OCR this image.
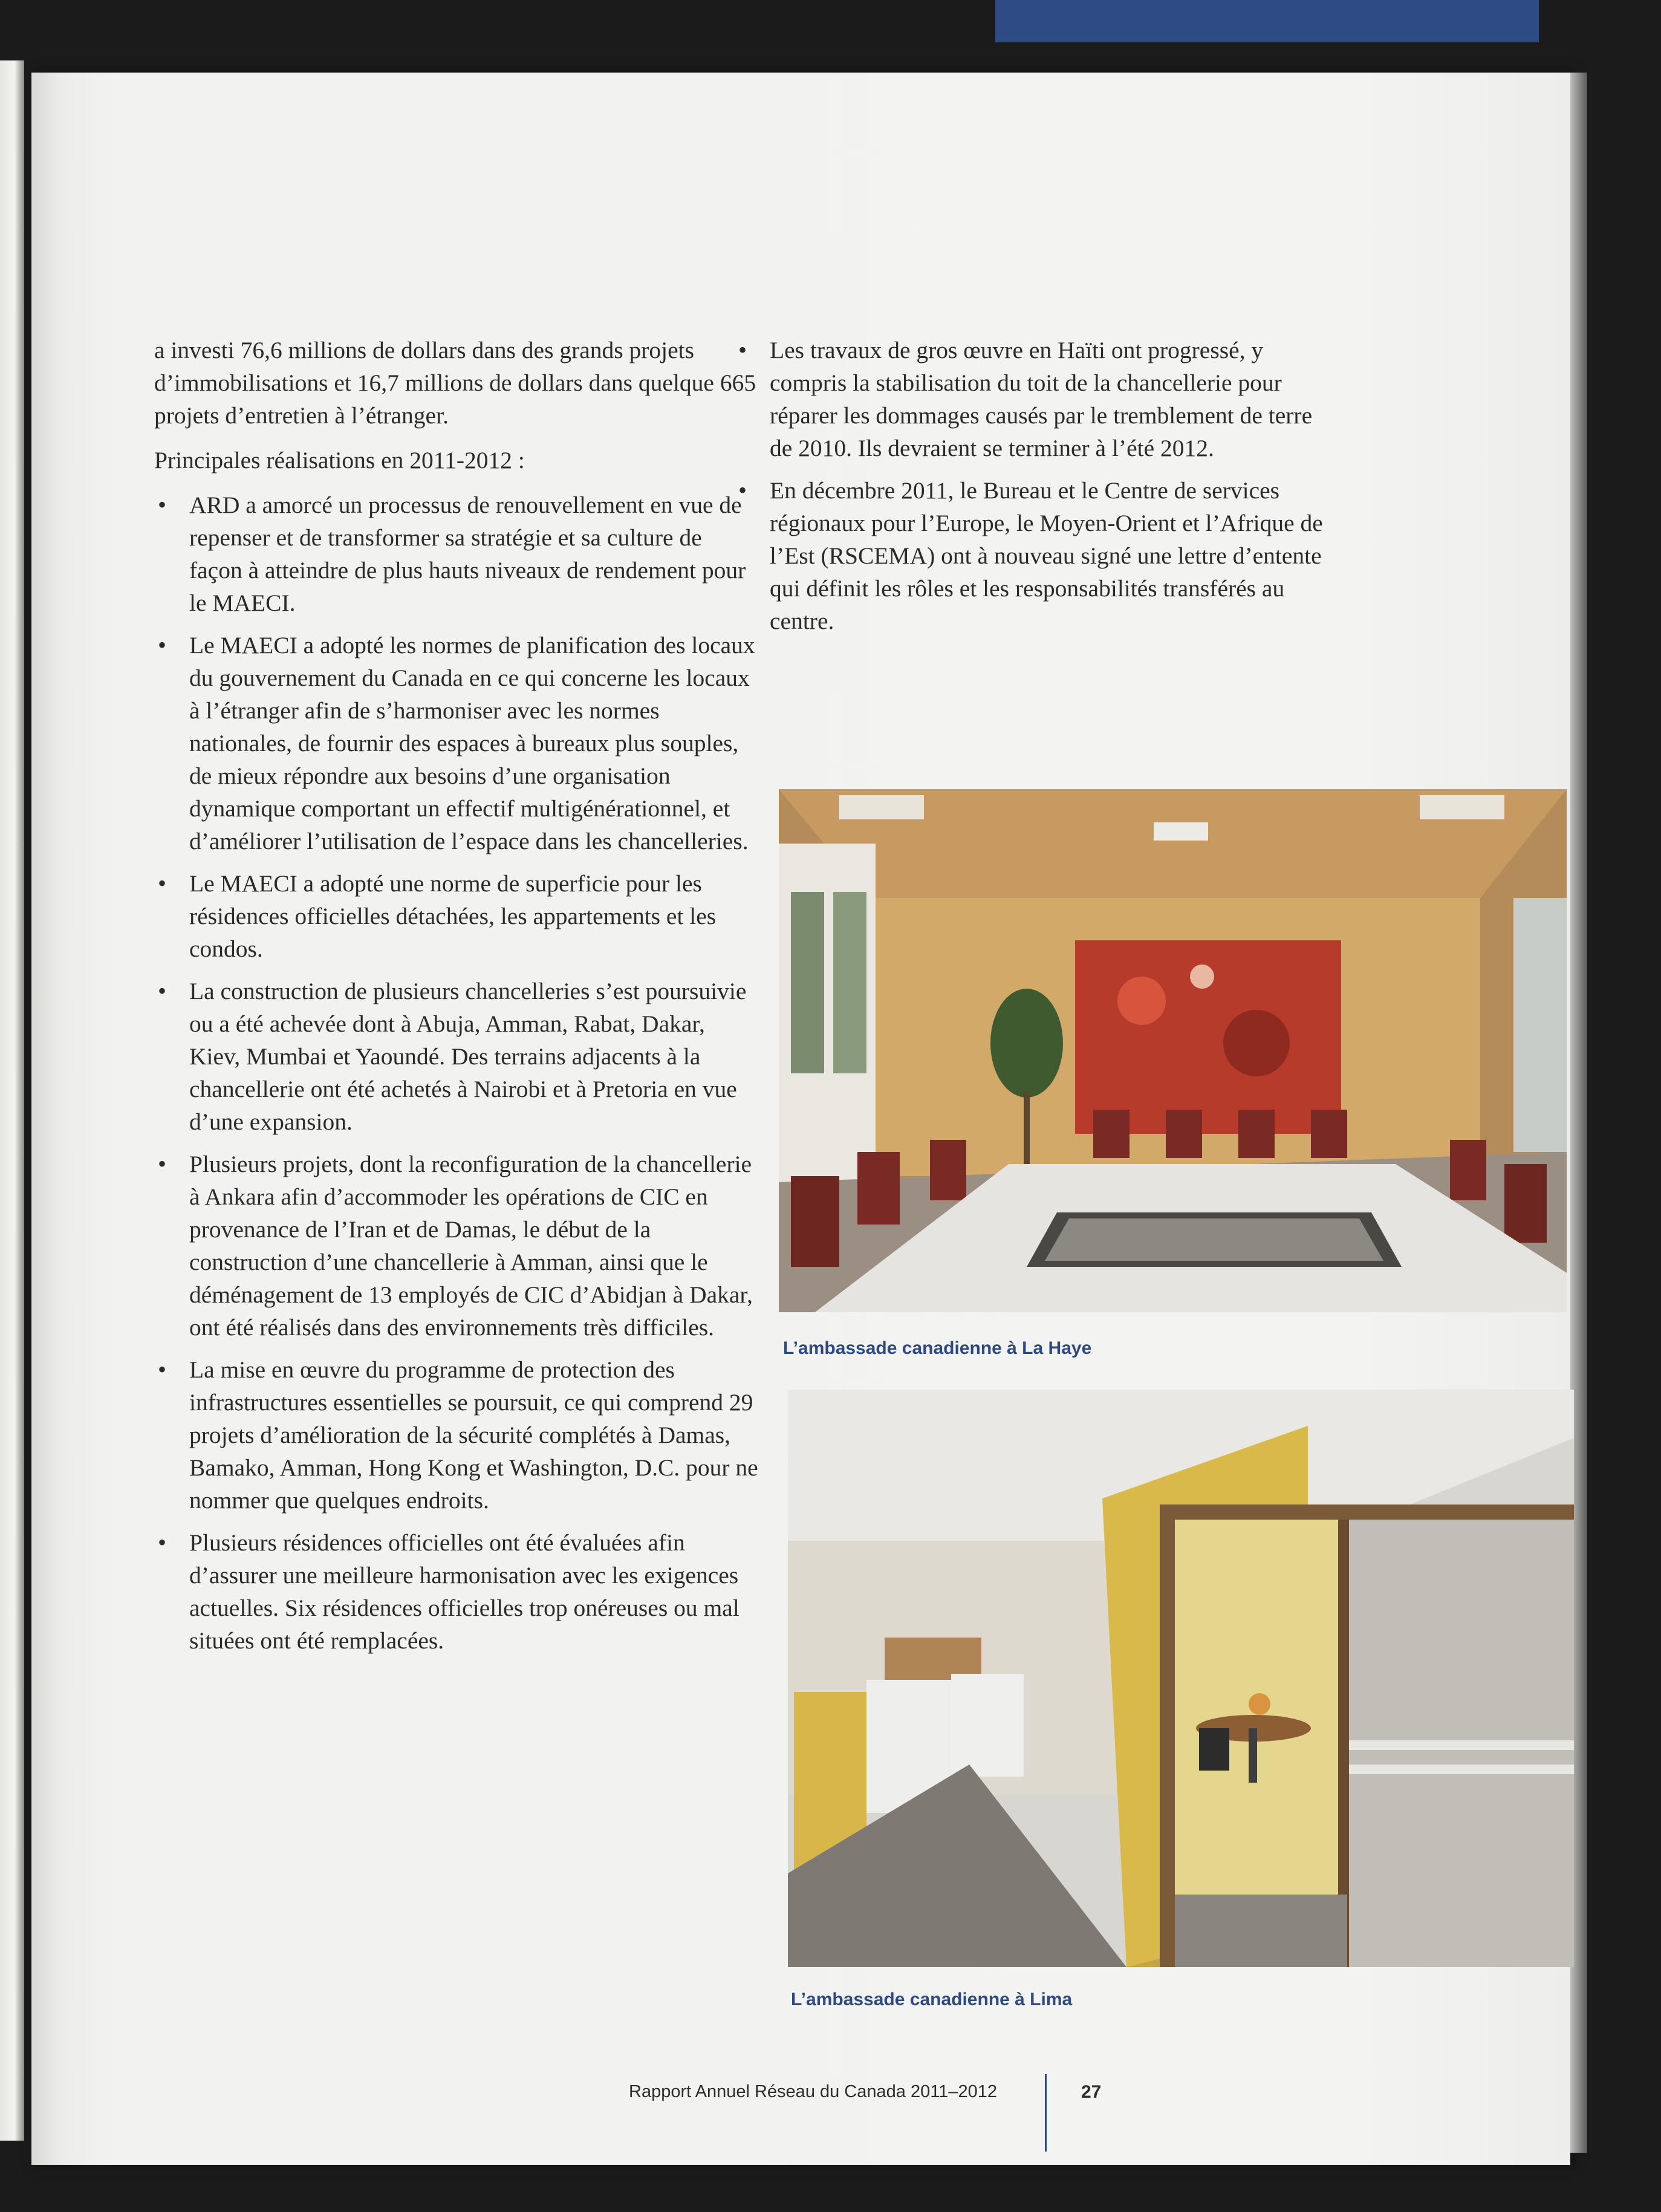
a investi 76,6 millions de dollars dans des grands projets d’immobilisations et 16,7 millions de dollars dans quelque 665 projets d’entretien à l’étranger.

Principales réalisations en 2011-2012 :

• ARD a amorcé un processus de renouvellement en vue de repenser et de transformer sa stratégie et sa culture de façon à atteindre de plus hauts niveaux de rendement pour le MAECI.
• Le MAECI a adopté les normes de planification des locaux du gouvernement du Canada en ce qui concerne les locaux à l’étranger afin de s’harmoniser avec les normes nationales, de fournir des espaces à bureaux plus souples, de mieux répondre aux besoins d’une organisation dynamique comportant un effectif multigénérationnel, et d’améliorer l’utilisation de l’espace dans les chancelleries.
• Le MAECI a adopté une norme de superficie pour les résidences officielles détachées, les appartements et les condos.
• La construction de plusieurs chancelleries s’est poursuivie ou a été achevée dont à Abuja, Amman, Rabat, Dakar, Kiev, Mumbai et Yaoundé. Des terrains adjacents à la chancellerie ont été achetés à Nairobi et à Pretoria en vue d’une expansion.
• Plusieurs projets, dont la reconfiguration de la chancellerie à Ankara afin d’accommoder les opérations de CIC en provenance de l’Iran et de Damas, le début de la construction d’une chancellerie à Amman, ainsi que le déménagement de 13 employés de CIC d’Abidjan à Dakar, ont été réalisés dans des environnements très difficiles.
• La mise en œuvre du programme de protection des infrastructures essentielles se poursuit, ce qui comprend 29 projets d’amélioration de la sécurité complétés à Damas, Bamako, Amman, Hong Kong et Washington, D.C. pour ne nommer que quelques endroits.
• Plusieurs résidences officielles ont été évaluées afin d’assurer une meilleure harmonisation avec les exigences actuelles. Six résidences officielles trop onéreuses ou mal situées ont été remplacées.
• Les travaux de gros œuvre en Haïti ont progressé, y compris la stabilisation du toit de la chancellerie pour réparer les dommages causés par le tremblement de terre de 2010. Ils devraient se terminer à l’été 2012.
• En décembre 2011, le Bureau et le Centre de services régionaux pour l’Europe, le Moyen-Orient et l’Afrique de l’Est (RSCEMA) ont à nouveau signé une lettre d’entente qui définit les rôles et les responsabilités transférés au centre.
L’ambassade canadienne à La Haye
L’ambassade canadienne à Lima
Rapport Annuel Réseau du Canada 2011–2012	27
